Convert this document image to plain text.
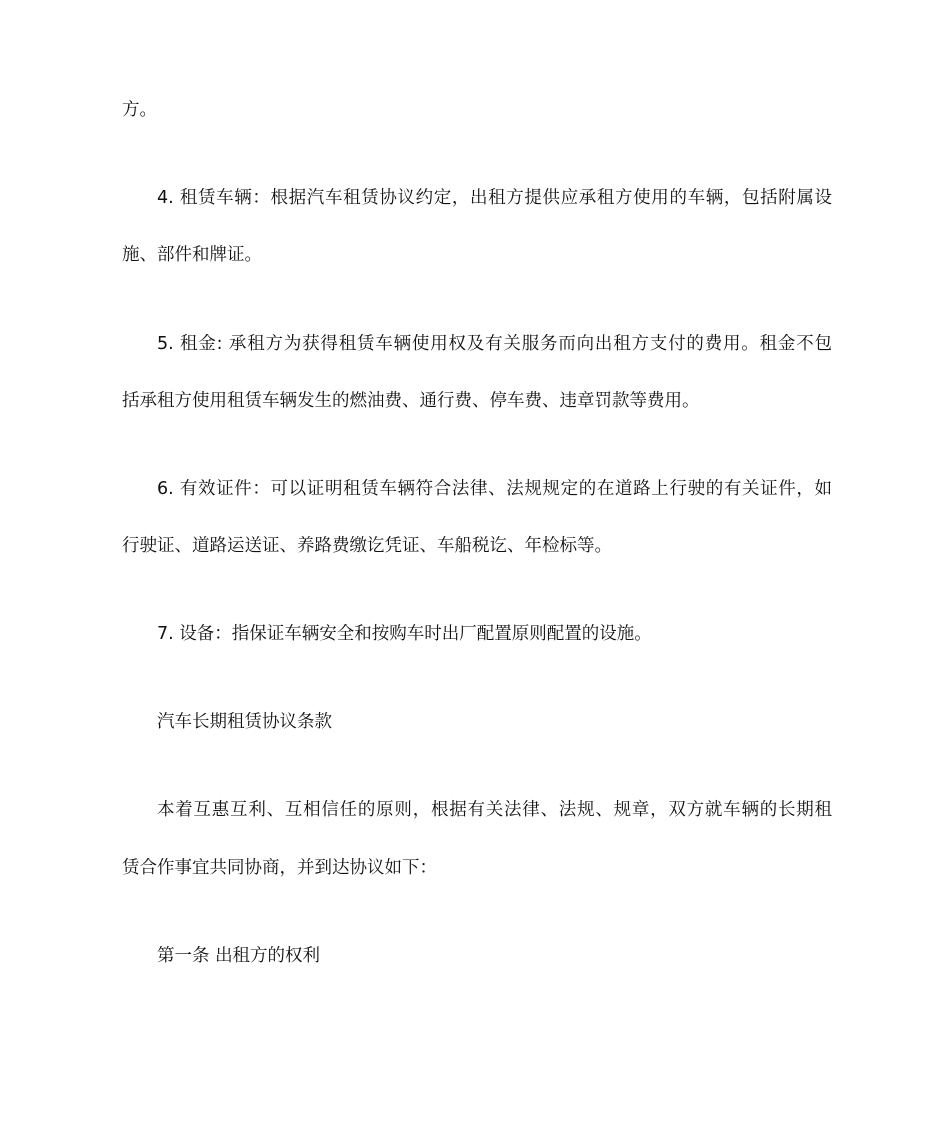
方。
4. 租赁车辆：根据汽车租赁协议约定，出租方提供应承租方使用的车辆，包括附属设
施、部件和牌证。
5. 租金: 承租方为获得租赁车辆使用权及有关服务而向出租方支付的费用。租金不包
括承租方使用租赁车辆发生的燃油费、通行费、停车费、违章罚款等费用。
6. 有效证件：可以证明租赁车辆符合法律、法规规定的在道路上行驶的有关证件，如
行驶证、道路运送证、养路费缴讫凭证、车船税讫、年检标等。
7. 设备：指保证车辆安全和按购车时出厂配置原则配置的设施。
汽车长期租赁协议条款
本着互惠互利、互相信任的原则，根据有关法律、法规、规章，双方就车辆的长期租
赁合作事宜共同协商，并到达协议如下：
第一条 出租方的权利
